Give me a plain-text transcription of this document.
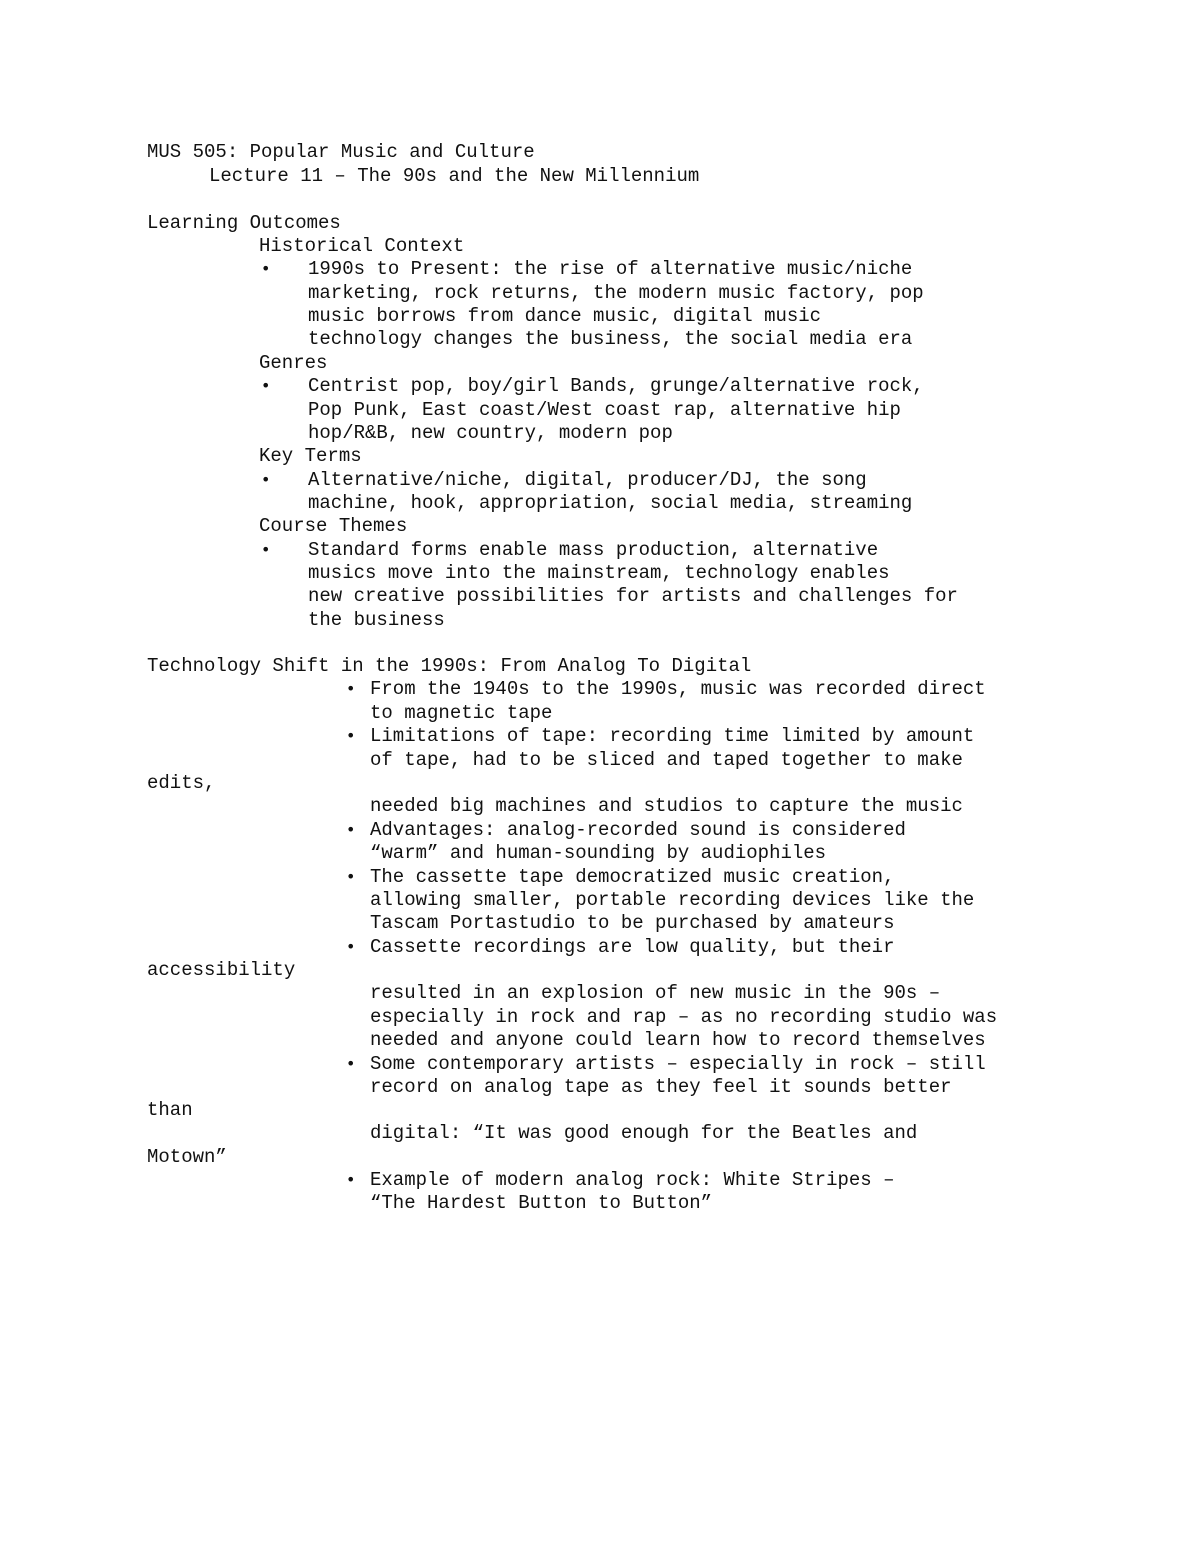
MUS 505: Popular Music and Culture
Lecture 11 – The 90s and the New Millennium
Learning Outcomes
Historical Context
• 1990s to Present: the rise of alternative music/niche
marketing, rock returns, the modern music factory, pop
music borrows from dance music, digital music
technology changes the business, the social media era
Genres
• Centrist pop, boy/girl Bands, grunge/alternative rock,
Pop Punk, East coast/West coast rap, alternative hip
hop/R&B, new country, modern pop
Key Terms
• Alternative/niche, digital, producer/DJ, the song
machine, hook, appropriation, social media, streaming
Course Themes
• Standard forms enable mass production, alternative
musics move into the mainstream, technology enables
new creative possibilities for artists and challenges for
the business
Technology Shift in the 1990s: From Analog To Digital
• From the 1940s to the 1990s, music was recorded direct
to magnetic tape
• Limitations of tape: recording time limited by amount
of tape, had to be sliced and taped together to make
edits,
needed big machines and studios to capture the music
• Advantages: analog-recorded sound is considered
“warm” and human-sounding by audiophiles
• The cassette tape democratized music creation,
allowing smaller, portable recording devices like the
Tascam Portastudio to be purchased by amateurs
• Cassette recordings are low quality, but their
accessibility
resulted in an explosion of new music in the 90s –
especially in rock and rap – as no recording studio was
needed and anyone could learn how to record themselves
• Some contemporary artists – especially in rock – still
record on analog tape as they feel it sounds better
than
digital: “It was good enough for the Beatles and
Motown”
• Example of modern analog rock: White Stripes –
“The Hardest Button to Button”
